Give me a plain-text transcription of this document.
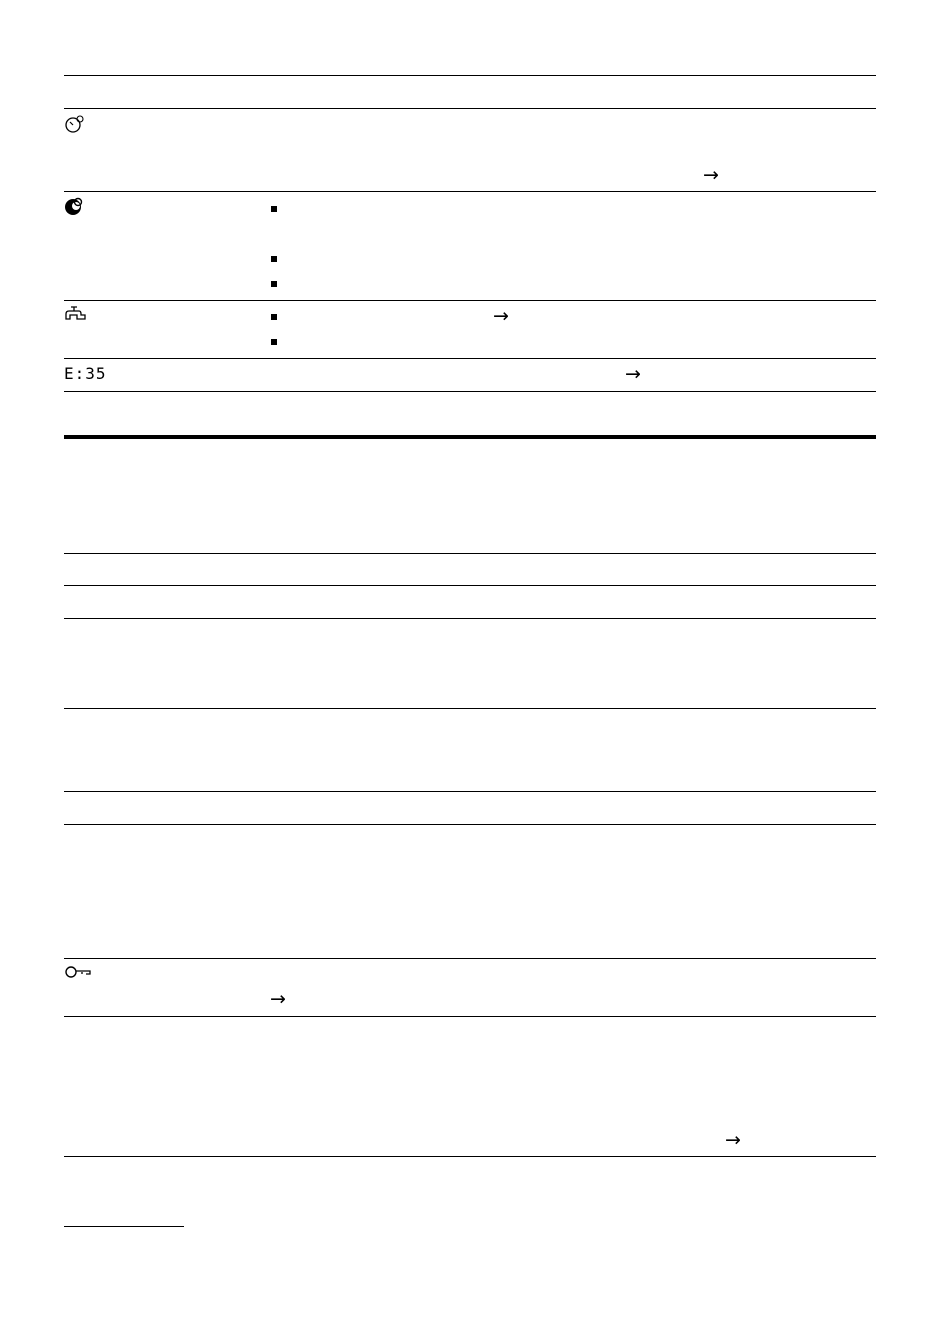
→
→
E:35	→
→
→
